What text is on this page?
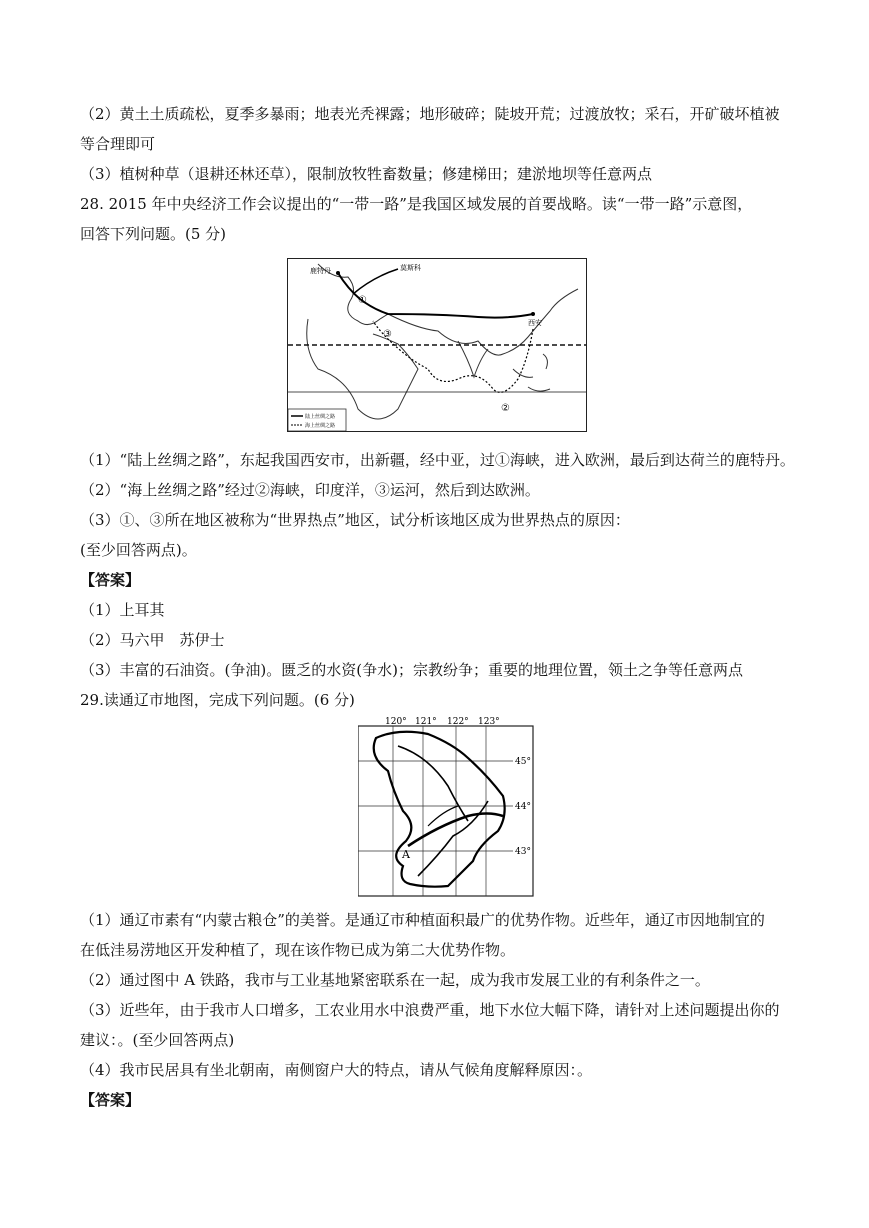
（2）黄土土质疏松，夏季多暴雨；地表光秃裸露；地形破碎；陡坡开荒；过渡放牧；采石，开矿破坏植被
等合理即可
（3）植树种草（退耕还林还草），限制放牧牲畜数量；修建梯田；建淤地坝等任意两点
28. 2015 年中央经济工作会议提出的“一带一路”是我国区域发展的首要战略。读“一带一路”示意图，
回答下列问题。(5 分)
鹿特丹	莫斯科
西安
①
③
②
陆上丝绸之路
海上丝绸之路
（1）“陆上丝绸之路”，东起我国西安市，出新疆，经中亚，过①海峡，进入欧洲，最后到达荷兰的鹿特丹。
（2）“海上丝绸之路”经过②海峡，印度洋，③运河，然后到达欧洲。
（3）①、③所在地区被称为“世界热点”地区，试分析该地区成为世界热点的原因：
(至少回答两点)。
【答案】
（1）上耳其
（2）马六甲　苏伊士
（3）丰富的石油资。(争油)。匮乏的水资(争水)；宗教纷争；重要的地理位置，领土之争等任意两点
29.读通辽市地图，完成下列问题。(6 分)
120° 121° 122° 123°
45°
44°
43°
A
（1）通辽市素有“内蒙古粮仓”的美誉。是通辽市种植面积最广的优势作物。近些年，通辽市因地制宜的
在低洼易涝地区开发种植了，现在该作物已成为第二大优势作物。
（2）通过图中 A 铁路，我市与工业基地紧密联系在一起，成为我市发展工业的有利条件之一。
（3）近些年，由于我市人口增多，工农业用水中浪费严重，地下水位大幅下降，请针对上述问题提出你的
建议：。(至少回答两点)
（4）我市民居具有坐北朝南，南侧窗户大的特点，请从气候角度解释原因：。
【答案】
